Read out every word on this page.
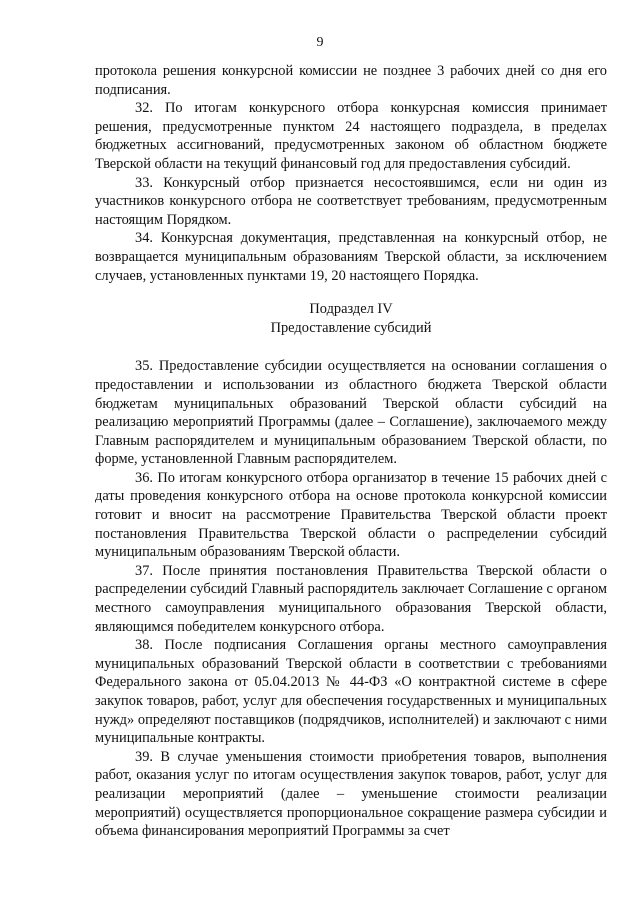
9

протокола решения конкурсной комиссии не позднее 3 рабочих дней со дня его подписания.

32. По итогам конкурсного отбора конкурсная комиссия принимает решения, предусмотренные пунктом 24 настоящего подраздела, в пределах бюджетных ассигнований, предусмотренных законом об областном бюджете Тверской области на текущий финансовый год для предоставления субсидий.

33. Конкурсный отбор признается несостоявшимся, если ни один из участников конкурсного отбора не соответствует требованиям, предусмотренным настоящим Порядком.

34. Конкурсная документация, представленная на конкурсный отбор, не возвращается муниципальным образованиям Тверской области, за исключением случаев, установленных пунктами 19, 20 настоящего Порядка.

Подраздел IV
Предоставление субсидий

35. Предоставление субсидии осуществляется на основании соглашения о предоставлении и использовании из областного бюджета Тверской области бюджетам муниципальных образований Тверской области субсидий на реализацию мероприятий Программы (далее – Соглашение), заключаемого между Главным распорядителем и муниципальным образованием Тверской области, по форме, установленной Главным распорядителем.

36. По итогам конкурсного отбора организатор в течение 15 рабочих дней с даты проведения конкурсного отбора на основе протокола конкурсной комиссии готовит и вносит на рассмотрение Правительства Тверской области проект постановления Правительства Тверской области о распределении субсидий муниципальным образованиям Тверской области.

37. После принятия постановления Правительства Тверской области о распределении субсидий Главный распорядитель заключает Соглашение с органом местного самоуправления муниципального образования Тверской области, являющимся победителем конкурсного отбора.

38. После подписания Соглашения органы местного самоуправления муниципальных образований Тверской области в соответствии с требованиями Федерального закона от 05.04.2013 № 44-ФЗ «О контрактной системе в сфере закупок товаров, работ, услуг для обеспечения государственных и муниципальных нужд» определяют поставщиков (подрядчиков, исполнителей) и заключают с ними муниципальные контракты.

39. В случае уменьшения стоимости приобретения товаров, выполнения работ, оказания услуг по итогам осуществления закупок товаров, работ, услуг для реализации мероприятий (далее – уменьшение стоимости реализации мероприятий) осуществляется пропорциональное сокращение размера субсидии и объема финансирования мероприятий Программы за счет
